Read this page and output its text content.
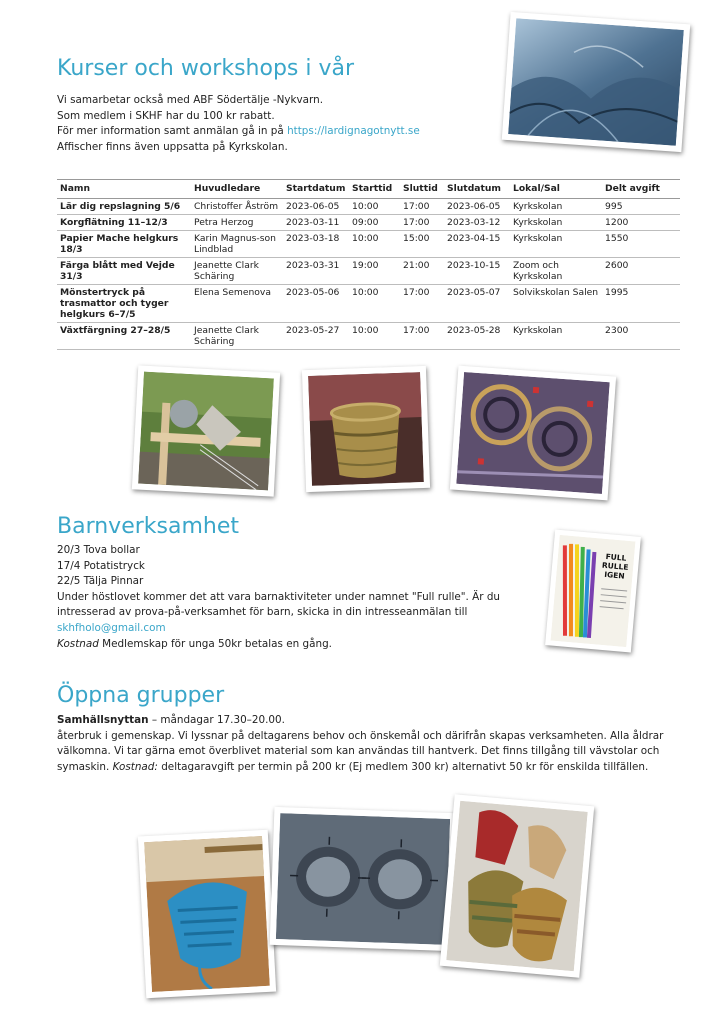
Kurser och workshops i vår
Vi samarbetar också med ABF Södertälje -Nykvarn.
Som medlem i SKHF har du 100 kr rabatt.
För mer information samt anmälan gå in på https://lardignagotnytt.se
Affischer finns även uppsatta på Kyrkskolan.
Namn	Huvudledare	Startdatum	Starttid	Sluttid	Slutdatum	Lokal/Sal	Delt avgift
Lär dig repslagning 5/6	Christoffer Åström	2023-06-05	10:00	17:00	2023-06-05	Kyrkskolan	995
Korgflätning 11–12/3	Petra Herzog	2023-03-11	09:00	17:00	2023-03-12	Kyrkskolan	1200
Papier Mache helgkurs 18/3	Karin Magnus-son Lindblad	2023-03-18	10:00	15:00	2023-04-15	Kyrkskolan	1550
Färga blått med Vejde 31/3	Jeanette Clark Schäring	2023-03-31	19:00	21:00	2023-10-15	Zoom och Kyrkskolan	2600
Mönstertryck på trasmattor och tyger helgkurs 6–7/5	Elena Semenova	2023-05-06	10:00	17:00	2023-05-07	Solvikskolan Salen	1995
Växtfärgning 27–28/5	Jeanette Clark Schäring	2023-05-27	10:00	17:00	2023-05-28	Kyrkskolan	2300
Barnverksamhet
20/3 Tova bollar
17/4 Potatistryck
22/5 Tälja Pinnar
Under höstlovet kommer det att vara barnaktiviteter under namnet "Full rulle". Är du intresserad av prova-på-verksamhet för barn, skicka in din intresseanmälan till
skhfholo@gmail.com
Kostnad Medlemskap för unga 50kr betalas en gång.
FULL
RULLE
IGEN
Öppna grupper
Samhällsnyttan – måndagar 17.30–20.00.
återbruk i gemenskap. Vi lyssnar på deltagarens behov och önskemål och därifrån skapas verksamheten. Alla åldrar välkomna. Vi tar gärna emot överblivet material som kan användas till hantverk. Det finns tillgång till vävstolar och symaskin. Kostnad: deltagaravgift per termin på 200 kr (Ej medlem 300 kr) alternativt 50 kr för enskilda tillfällen.
